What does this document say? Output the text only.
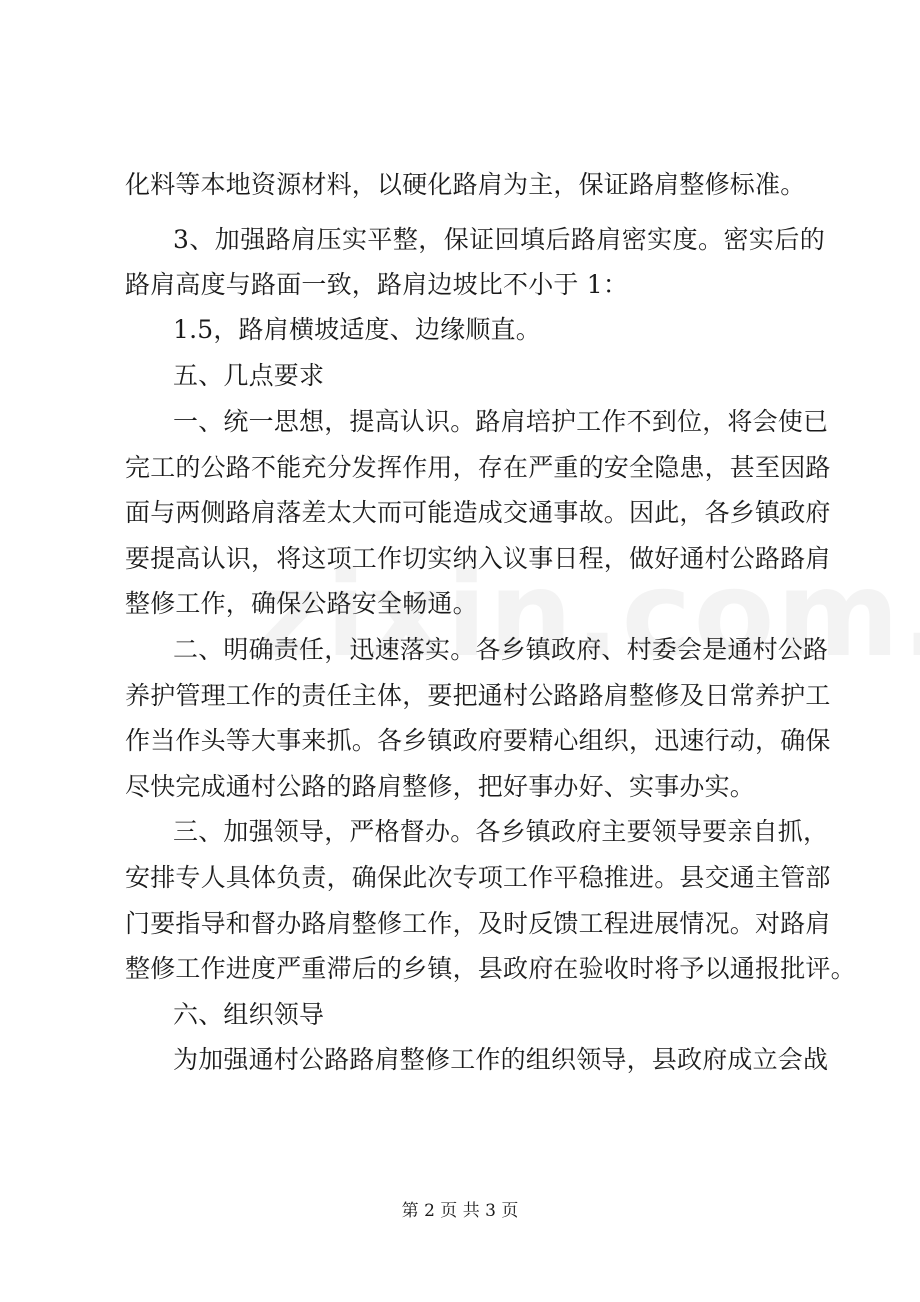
化料等本地资源材料，以硬化路肩为主，保证路肩整修标准。
3、加强路肩压实平整，保证回填后路肩密实度。密实后的
路肩高度与路面一致，路肩边坡比不小于 1：
1.5，路肩横坡适度、边缘顺直。
五、几点要求
一、统一思想，提高认识。路肩培护工作不到位，将会使已
完工的公路不能充分发挥作用，存在严重的安全隐患，甚至因路
面与两侧路肩落差太大而可能造成交通事故。因此，各乡镇政府
要提高认识，将这项工作切实纳入议事日程，做好通村公路路肩
整修工作，确保公路安全畅通。
二、明确责任，迅速落实。各乡镇政府、村委会是通村公路
养护管理工作的责任主体，要把通村公路路肩整修及日常养护工
作当作头等大事来抓。各乡镇政府要精心组织，迅速行动，确保
尽快完成通村公路的路肩整修，把好事办好、实事办实。
三、加强领导，严格督办。各乡镇政府主要领导要亲自抓，
安排专人具体负责，确保此次专项工作平稳推进。县交通主管部
门要指导和督办路肩整修工作，及时反馈工程进展情况。对路肩
整修工作进度严重滞后的乡镇，县政府在验收时将予以通报批评。
六、组织领导
为加强通村公路路肩整修工作的组织领导，县政府成立会战
第 2 页 共 3 页
